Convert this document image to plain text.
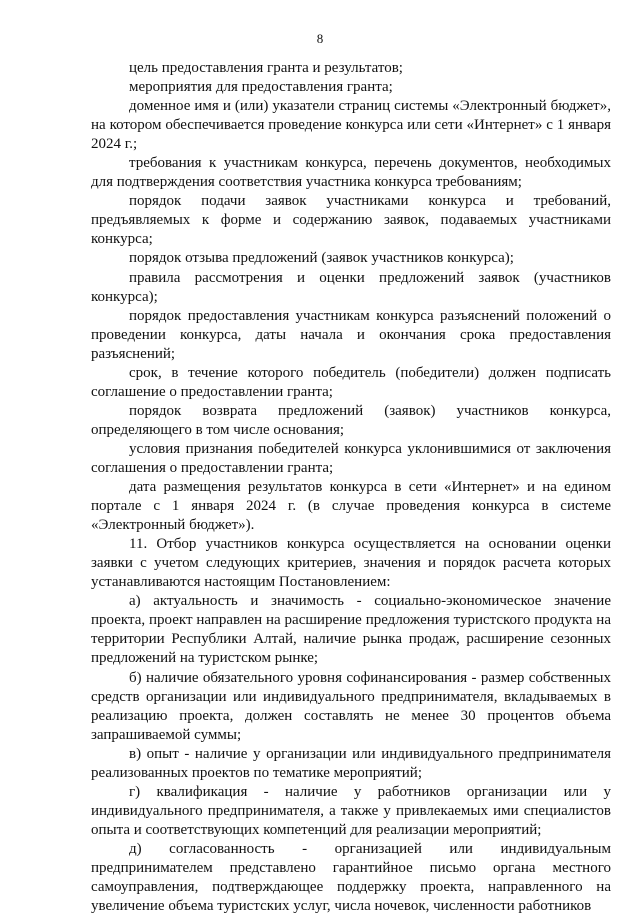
8

цель предоставления гранта и результатов;

мероприятия для предоставления гранта;

доменное имя и (или) указатели страниц системы «Электронный бюджет», на котором обеспечивается проведение конкурса или сети «Интернет» с 1 января 2024 г.;

требования к участникам конкурса, перечень документов, необходимых для подтверждения соответствия участника конкурса требованиям;

порядок подачи заявок участниками конкурса и требований, предъявляемых к форме и содержанию заявок, подаваемых участниками конкурса;

порядок отзыва предложений (заявок участников конкурса);

правила рассмотрения и оценки предложений заявок (участников конкурса);

порядок предоставления участникам конкурса разъяснений положений о проведении конкурса, даты начала и окончания срока предоставления разъяснений;

срок, в течение которого победитель (победители) должен подписать соглашение о предоставлении гранта;

порядок возврата предложений (заявок) участников конкурса, определяющего в том числе основания;

условия признания победителей конкурса уклонившимися от заключения соглашения о предоставлении гранта;

дата размещения результатов конкурса в сети «Интернет» и на едином портале с 1 января 2024 г. (в случае проведения конкурса в системе «Электронный бюджет»).

11. Отбор участников конкурса осуществляется на основании оценки заявки с учетом следующих критериев, значения и порядок расчета которых устанавливаются настоящим Постановлением:

а) актуальность и значимость - социально-экономическое значение проекта, проект направлен на расширение предложения туристского продукта на территории Республики Алтай, наличие рынка продаж, расширение сезонных предложений на туристском рынке;

б) наличие обязательного уровня софинансирования - размер собственных средств организации или индивидуального предпринимателя, вкладываемых в реализацию проекта, должен составлять не менее 30 процентов объема запрашиваемой суммы;

в) опыт - наличие у организации или индивидуального предпринимателя реализованных проектов по тематике мероприятий;

г) квалификация - наличие у работников организации или у индивидуального предпринимателя, а также у привлекаемых ими специалистов опыта и соответствующих компетенций для реализации мероприятий;

д) согласованность - организацией или индивидуальным предпринимателем представлено гарантийное письмо органа местного самоуправления, подтверждающее поддержку проекта, направленного на увеличение объема туристских услуг, числа ночевок, численности работников
